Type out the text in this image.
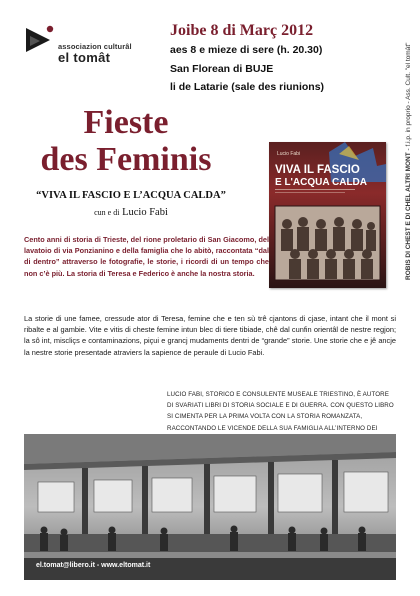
associazion culturâl
el tomât
Joibe 8 di Març 2012
aes 8 e mieze di sere (h. 20.30)
San Florean di BUJE
li de Latarie (sale des riunions)
ROBIS DI CHEST E DI CHEL ALTRI MONT - f.i.p. in proprio - Ass. Cult. "el tomât"
Fieste
des Feminis
“VIVA IL FASCIO E L’ACQUA CALDA”
cun e di Lucio Fabi
Lucio Fabi
VIVA IL FASCIO
E L'ACQUA CALDA
Cento anni di storia di Trieste, del rione proletario di San Giacomo, del lavatoio di via Ponzianino e della famiglia che lo abitò, raccontata “dal di dentro” attraverso le fotografie, le storie, i ricordi di un tempo che non c’è più. La storia di Teresa e Federico è anche la nostra storia.
La storie di une famee, cressude ator di Teresa, femine che e ten sù trê cjantons di cjase, intant che il mont si ribalte e al gambie. Vite e vitis di cheste femine intun blec di tiere tibiade, chê dal cunfin orientâl de nestre regjon; la sô int, miscliçs e contaminazions, piçui e grancj mudaments dentri de “grande” storie. Une storie che e jê ancje la nestre storie presentade atraviers la sapience de peraule di Lucio Fabi.
LUCIO FABI, STORICO E CONSULENTE MUSEALE TRIESTINO, È AUTORE DI SVARIATI LIBRI DI STORIA SOCIALE E DI GUERRA. CON QUESTO LIBRO SI CIMENTA PER LA PRIMA VOLTA CON LA STORIA ROMANZATA, RACCONTANDO LE VICENDE DELLA SUA FAMIGLIA ALL’INTERNO DEI
el.tomat@libero.it - www.eltomat.it
